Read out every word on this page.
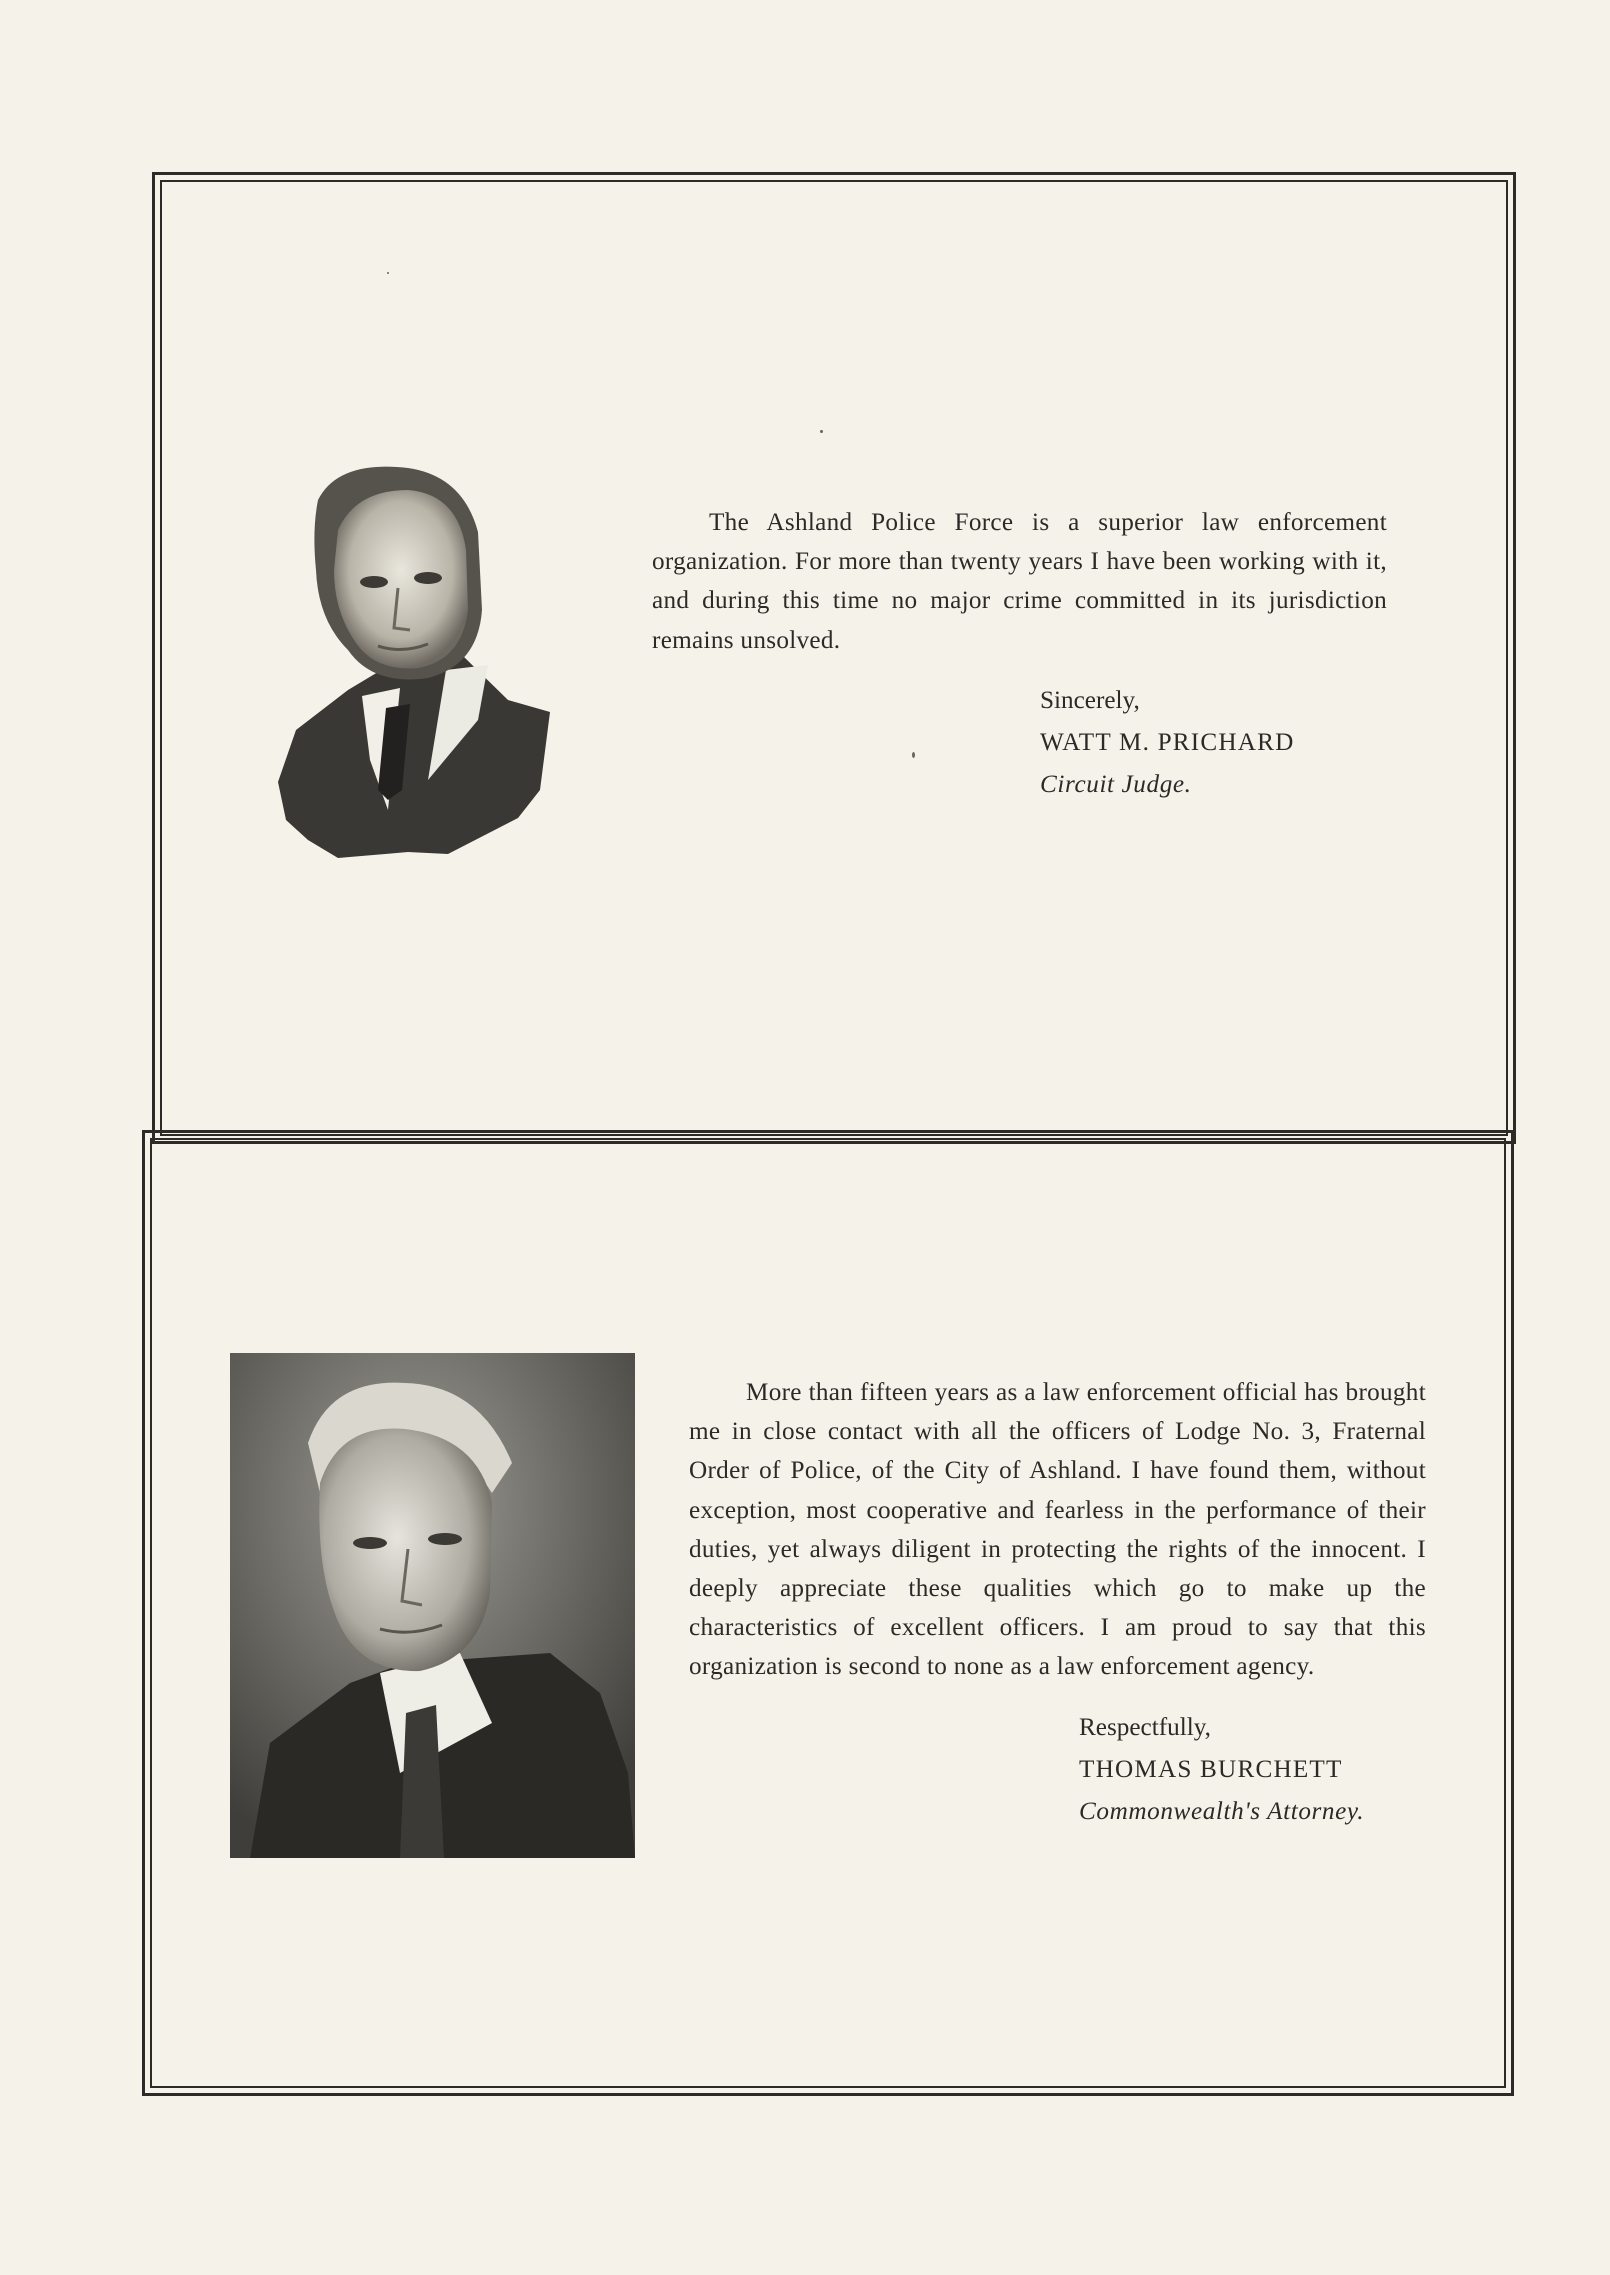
The Ashland Police Force is a superior law enforcement organization. For more than twenty years I have been working with it, and during this time no major crime committed in its jurisdiction remains unsolved.

Sincerely,
WATT M. PRICHARD
Circuit Judge.

More than fifteen years as a law enforcement official has brought me in close contact with all the officers of Lodge No. 3, Fraternal Order of Police, of the City of Ashland. I have found them, without exception, most cooperative and fearless in the performance of their duties, yet always diligent in protecting the rights of the innocent. I deeply appreciate these qualities which go to make up the characteristics of excellent officers. I am proud to say that this organization is second to none as a law enforcement agency.

Respectfully,
THOMAS BURCHETT
Commonwealth's Attorney.
